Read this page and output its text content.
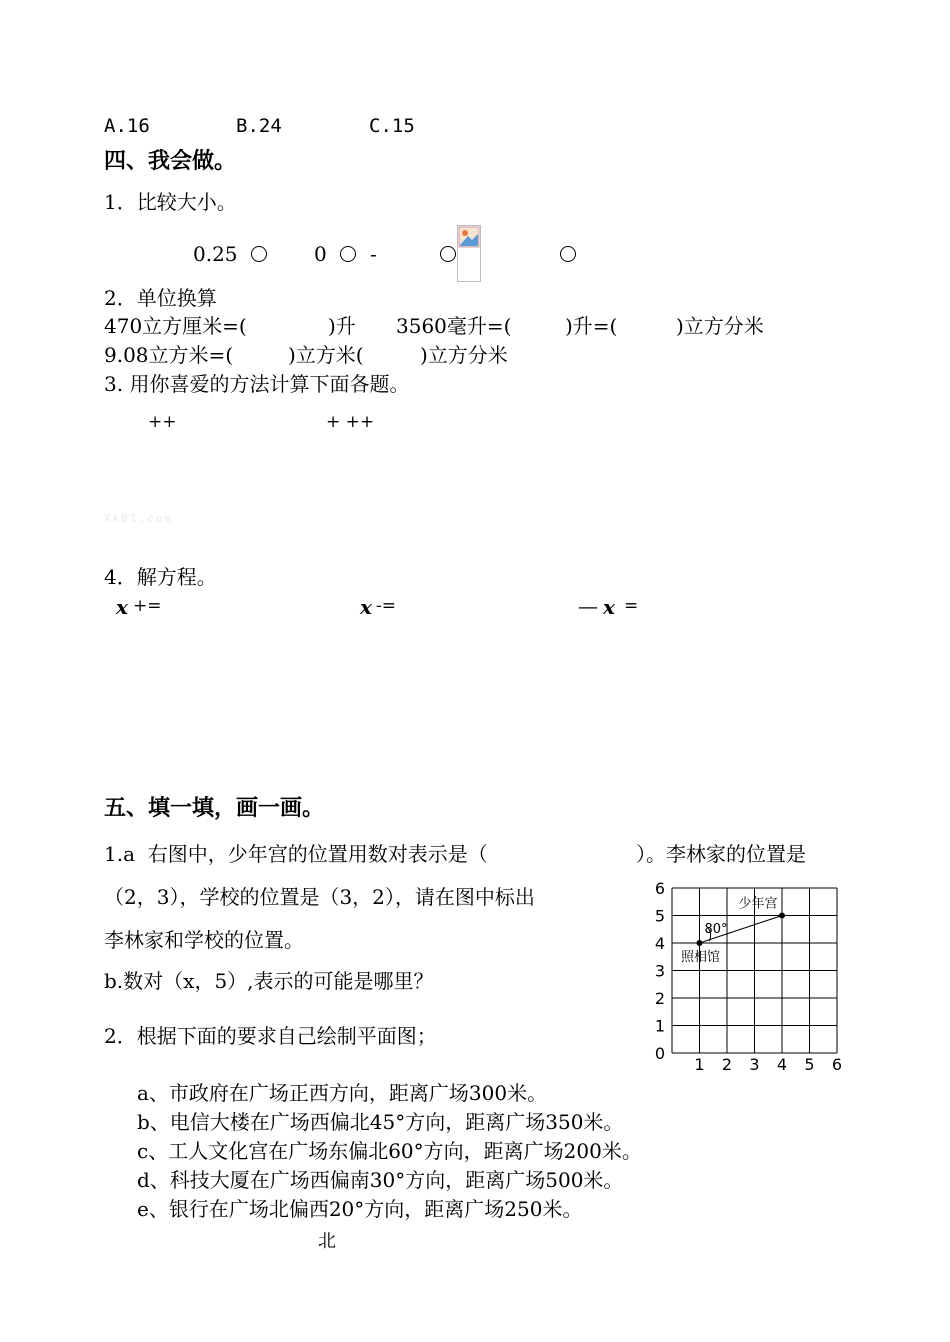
A.16	B.24	C.15
四、我会做。
1．比较大小。
0.25	0 -
2．单位换算
470立方厘米=(	)升 3560毫升=(	)升=(	)立方分米
9.08立方米=(	)立方米(	)立方分米
3. 用你喜爱的方法计算下面各题。
++	+ ++
XkB1.com
4．解方程。
x +=	x -=	— x =
五、填一填，画一画。
1.a  右图中，少年宫的位置用数对表示是（	）。李林家的位置是
（2，3），学校的位置是（3，2），请在图中标出
李林家和学校的位置。
b.数对（x，5）,表示的可能是哪里？
2．根据下面的要求自己绘制平面图；
a、市政府在广场正西方向，距离广场300米。
b、电信大楼在广场西偏北45°方向，距离广场350米。
c、工人文化宫在广场东偏北60°方向，距离广场200米。
d、科技大厦在广场西偏南30°方向，距离广场500米。
e、银行在广场北偏西20°方向，距离广场250米。
北
1 2 3 4 5 6
0
1
2
3
4
5
6
少年宫
照相馆
80°
